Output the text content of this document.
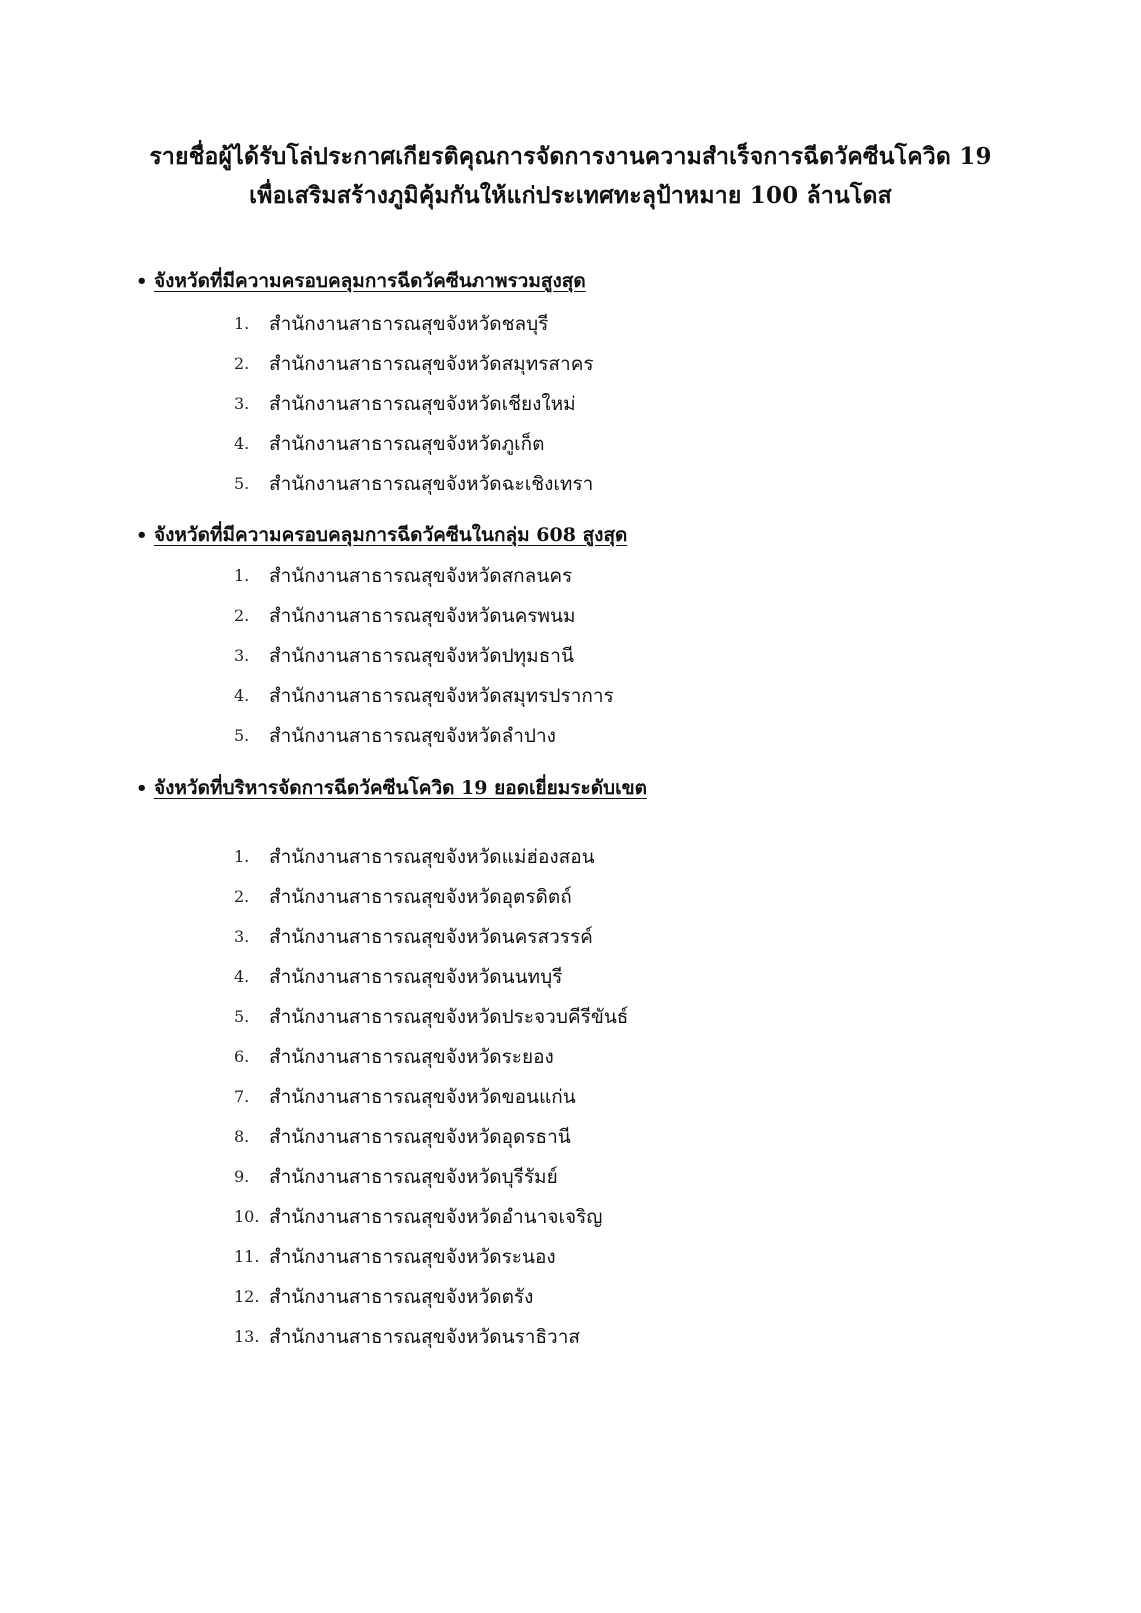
รายชื่อผู้ได้รับโล่ประกาศเกียรติคุณการจัดการงานความสำเร็จการฉีดวัคซีนโควิด 19
เพื่อเสริมสร้างภูมิคุ้มกันให้แก่ประเทศทะลุป้าหมาย 100 ล้านโดส
• จังหวัดที่มีความครอบคลุมการฉีดวัคซีนภาพรวมสูงสุด
1.	สำนักงานสาธารณสุขจังหวัดชลบุรี
2.	สำนักงานสาธารณสุขจังหวัดสมุทรสาคร
3.	สำนักงานสาธารณสุขจังหวัดเชียงใหม่
4.	สำนักงานสาธารณสุขจังหวัดภูเก็ต
5.	สำนักงานสาธารณสุขจังหวัดฉะเชิงเทรา
• จังหวัดที่มีความครอบคลุมการฉีดวัคซีนในกลุ่ม 608 สูงสุด
1.	สำนักงานสาธารณสุขจังหวัดสกลนคร
2.	สำนักงานสาธารณสุขจังหวัดนครพนม
3.	สำนักงานสาธารณสุขจังหวัดปทุมธานี
4.	สำนักงานสาธารณสุขจังหวัดสมุทรปราการ
5.	สำนักงานสาธารณสุขจังหวัดลำปาง
• จังหวัดที่บริหารจัดการฉีดวัคซีนโควิด 19 ยอดเยี่ยมระดับเขต
1.	สำนักงานสาธารณสุขจังหวัดแม่ฮ่องสอน
2.	สำนักงานสาธารณสุขจังหวัดอุตรดิตถ์
3.	สำนักงานสาธารณสุขจังหวัดนครสวรรค์
4.	สำนักงานสาธารณสุขจังหวัดนนทบุรี
5.	สำนักงานสาธารณสุขจังหวัดประจวบคีรีขันธ์
6.	สำนักงานสาธารณสุขจังหวัดระยอง
7.	สำนักงานสาธารณสุขจังหวัดขอนแก่น
8.	สำนักงานสาธารณสุขจังหวัดอุดรธานี
9.	สำนักงานสาธารณสุขจังหวัดบุรีรัมย์
10. สำนักงานสาธารณสุขจังหวัดอำนาจเจริญ
11. สำนักงานสาธารณสุขจังหวัดระนอง
12. สำนักงานสาธารณสุขจังหวัดตรัง
13. สำนักงานสาธารณสุขจังหวัดนราธิวาส
